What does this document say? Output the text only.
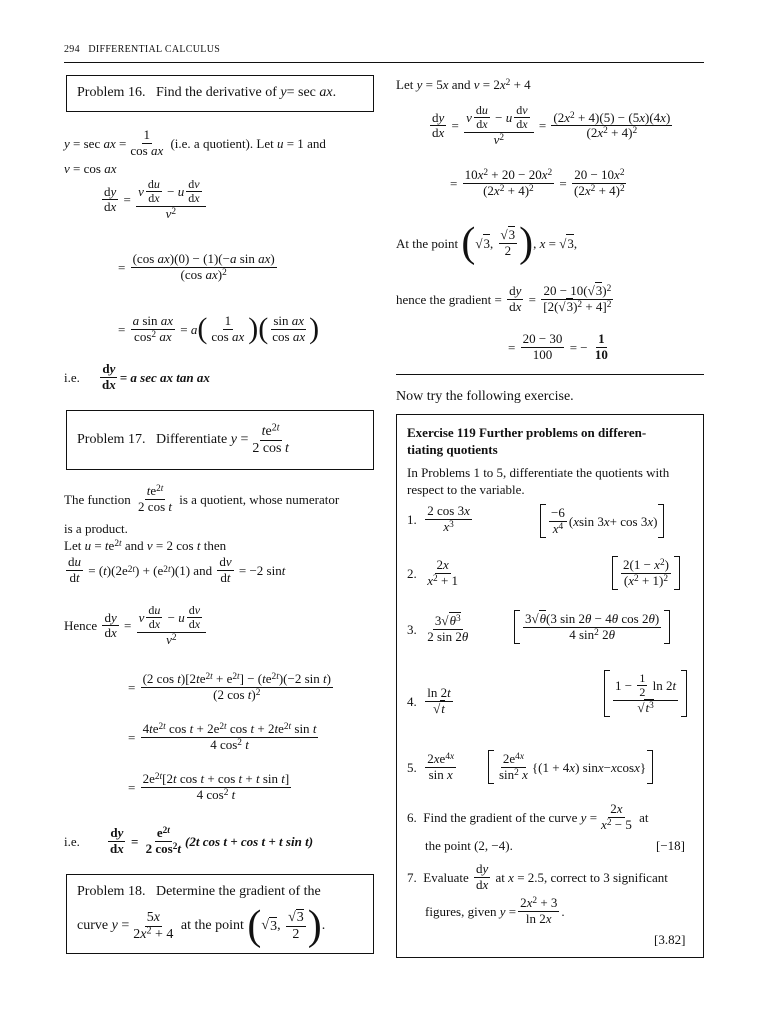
294 DIFFERENTIAL CALCULUS
Problem 16. Find the derivative of y= sec ax.
y = sec ax = $\frac{1}{\text{cos ax}}$
(i.e. a quotient). Let
u = 1 and
v = cos ax
$\frac{dy}{dx} = \frac{v \frac{du}{dx} - u \frac{dv}{dx}}{v^2}$
= $\frac{\text{(cos ax)(0) − (1)(−a sin ax)}}{(\cos ax)^2}$
= $\frac{\text{a sin ax}}{\cos^2 ax} = a$ ( $\frac{1}{\text{cos ax}}$ ) ( $\frac{\text{sin ax}}{\text{cos ax}}$ )
i.e.	$\frac{dy}{dx} = a$ sec ax tan ax
Problem 17.
Differentiate
$y = \frac{te^{2t}}{\text{2 cos t}}$
The function
$\frac{te^{2t}}{\text{2 cos t}}$
is a quotient, whose numerator
is a product.
Let $u = te^{2t}$ and v = 2 cos t then
$\frac{du}{dt}$ = ( t )(2e 2t ) + (e 2t )(1) and $\frac{dv}{dt} = -2$ sin t
Hence
$\frac{dy}{dx} = \frac{v \frac{du}{dx} - u \frac{dv}{dx}}{v^2}$
= $\frac{(2 \cos t)[2te^{2t} + e^{2t}] - (te^{2t})(-2 \sin t)}{(2 \cos t)^2}$
= $\frac{4te^{2t} \cos t + 2e^{2t} \cos t + 2te^{2t} \sin t}{4 \cos^2 t}$
= $\frac{2e^{2t}[2t \cos t + \cos t + t \sin t]}{4 \cos^2 t}$
i.e.	$\frac{dy}{dx} = \frac{e^{2t}}{2 \cos^2t} (2t$ cos t + cos t + t sin t)
Problem 18. Determine the gradient of the
curve
$y = \frac{5x}{2x^2 + 4}$
at the point
( √ 3 , $\frac{√3}{2}$ ) .
Let y = 5x and $v = 2x^2 + 4$
$\frac{dy}{dx} = \frac{v \frac{du}{dx} - u \frac{dv}{dx}}{v^2} = \frac{(2x^2 + 4)(5) - (5x)(4x)}{(2x^2 + 4)^2}$
= $\frac{10x^2 + 20 - 20x^2}{(2x^2 + 4)^2} = \frac{20 - 10x^2}{(2x^2 + 4)^2}$
At the point
( √ 3 , $\frac{√3}{2}$ ) , x = √ 3 ,
hence the gradient = $\frac{dy}{dx} = \frac{20 - 10(√3)^2}{[2(√3)^2 + 4]^2}$
= $\frac{20 - 30}{100}$ = − $\frac{1}{10}$
Now try the following exercise.
Exercise 119 Further problems on differen-
tiating quotients
In Problems 1 to 5, differentiate the quotients with respect to the variable.
1.
$\frac{2 \cos 3x}{x^3}$	$\frac{-6}{x^4}$ ( x sin 3 x + cos 3 x )
2.
$\frac{2x}{x^2 + 1}$	$\frac{2(1 - x^2)}{(x^2 + 1)^2}$
3.
$\frac{3√\theta^3}{2 \sin 2\theta}$	$\frac{\text{3√θ(3 sin 2θ − 4θ cos 2θ)}}{4 \sin^2 2\theta}$
4.
$\frac{\ln 2t}{√t}$	$\frac{1 - \frac{1}{2} \ln 2 t}{√t^3}$
5.
$\frac{2xe^{4x}}{\text{sin x}}$	$\frac{2e^{4x}}{\sin^2 x} \{(1 + 4$ x ) sin x − x cos x }
6.
Find the gradient of the curve
$y = \frac{2x}{x^2 - 5}$
at
the point (2, −4).	[−18]
7.
Evaluate
$\frac{dy}{dx}$
at
x
= 2.5, correct to 3 significant
figures, given
$y = \frac{2x^2 + 3}{\ln 2x}$ .
[3.82]
